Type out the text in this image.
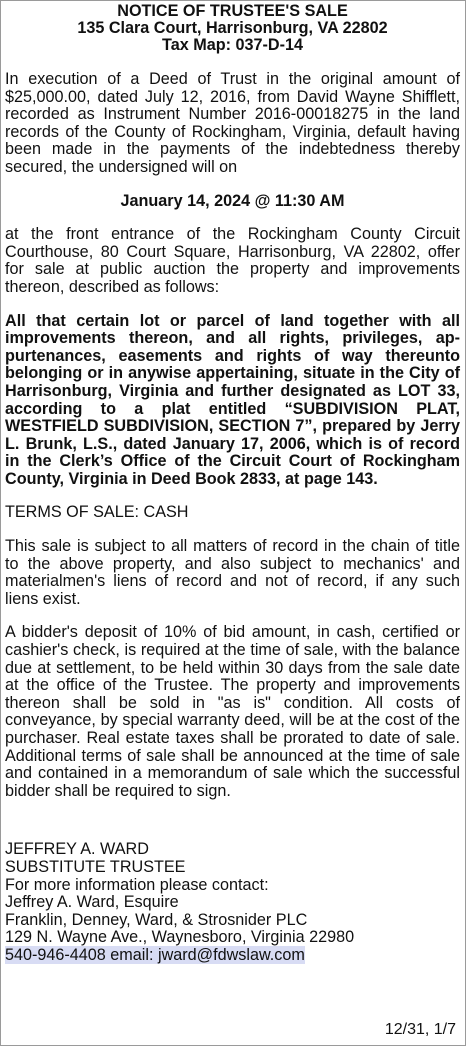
NOTICE OF TRUSTEE'S SALE
135 Clara Court, Harrisonburg, VA 22802
Tax Map: 037-D-14

In execution of a Deed of Trust in the original amount of $25,000.00, dated July 12, 2016, from David Wayne Shifflett, recorded as Instrument Number 2016-00018275 in the land records of the County of Rockingham, Virginia, default having been made in the payments of the indebtedness thereby secured, the undersigned will on

January 14, 2024 @ 11:30 AM

at the front entrance of the Rockingham County Circuit Courthouse, 80 Court Square, Harrisonburg, VA 22802, offer for sale at public auction the property and improvements thereon, described as follows:

All that certain lot or parcel of land together with all improvements thereon, and all rights, privileges, appurtenances, easements and rights of way thereunto belonging or in anywise appertaining, situate in the City of Harrisonburg, Virginia and further designated as LOT 33, according to a plat entitled “SUBDIVISION PLAT, WESTFIELD SUBDIVISION, SECTION 7”, prepared by Jerry L. Brunk, L.S., dated January 17, 2006, which is of record in the Clerk’s Office of the Circuit Court of Rockingham County, Virginia in Deed Book 2833, at page 143.

TERMS OF SALE: CASH

This sale is subject to all matters of record in the chain of title to the above property, and also subject to mechanics' and materialmen's liens of record and not of record, if any such liens exist.

A bidder's deposit of 10% of bid amount, in cash, certified or cashier's check, is required at the time of sale, with the balance due at settlement, to be held within 30 days from the sale date at the office of the Trustee. The property and improvements thereon shall be sold in "as is" condition. All costs of conveyance, by special warranty deed, will be at the cost of the purchaser. Real estate taxes shall be prorated to date of sale. Additional terms of sale shall be announced at the time of sale and contained in a memorandum of sale which the successful bidder shall be required to sign.

JEFFREY A. WARD
SUBSTITUTE TRUSTEE
For more information please contact:
Jeffrey A. Ward, Esquire
Franklin, Denney, Ward, & Strosnider PLC
129 N. Wayne Ave., Waynesboro, Virginia 22980
540-946-4408 email: jward@fdwslaw.com
12/31, 1/7
